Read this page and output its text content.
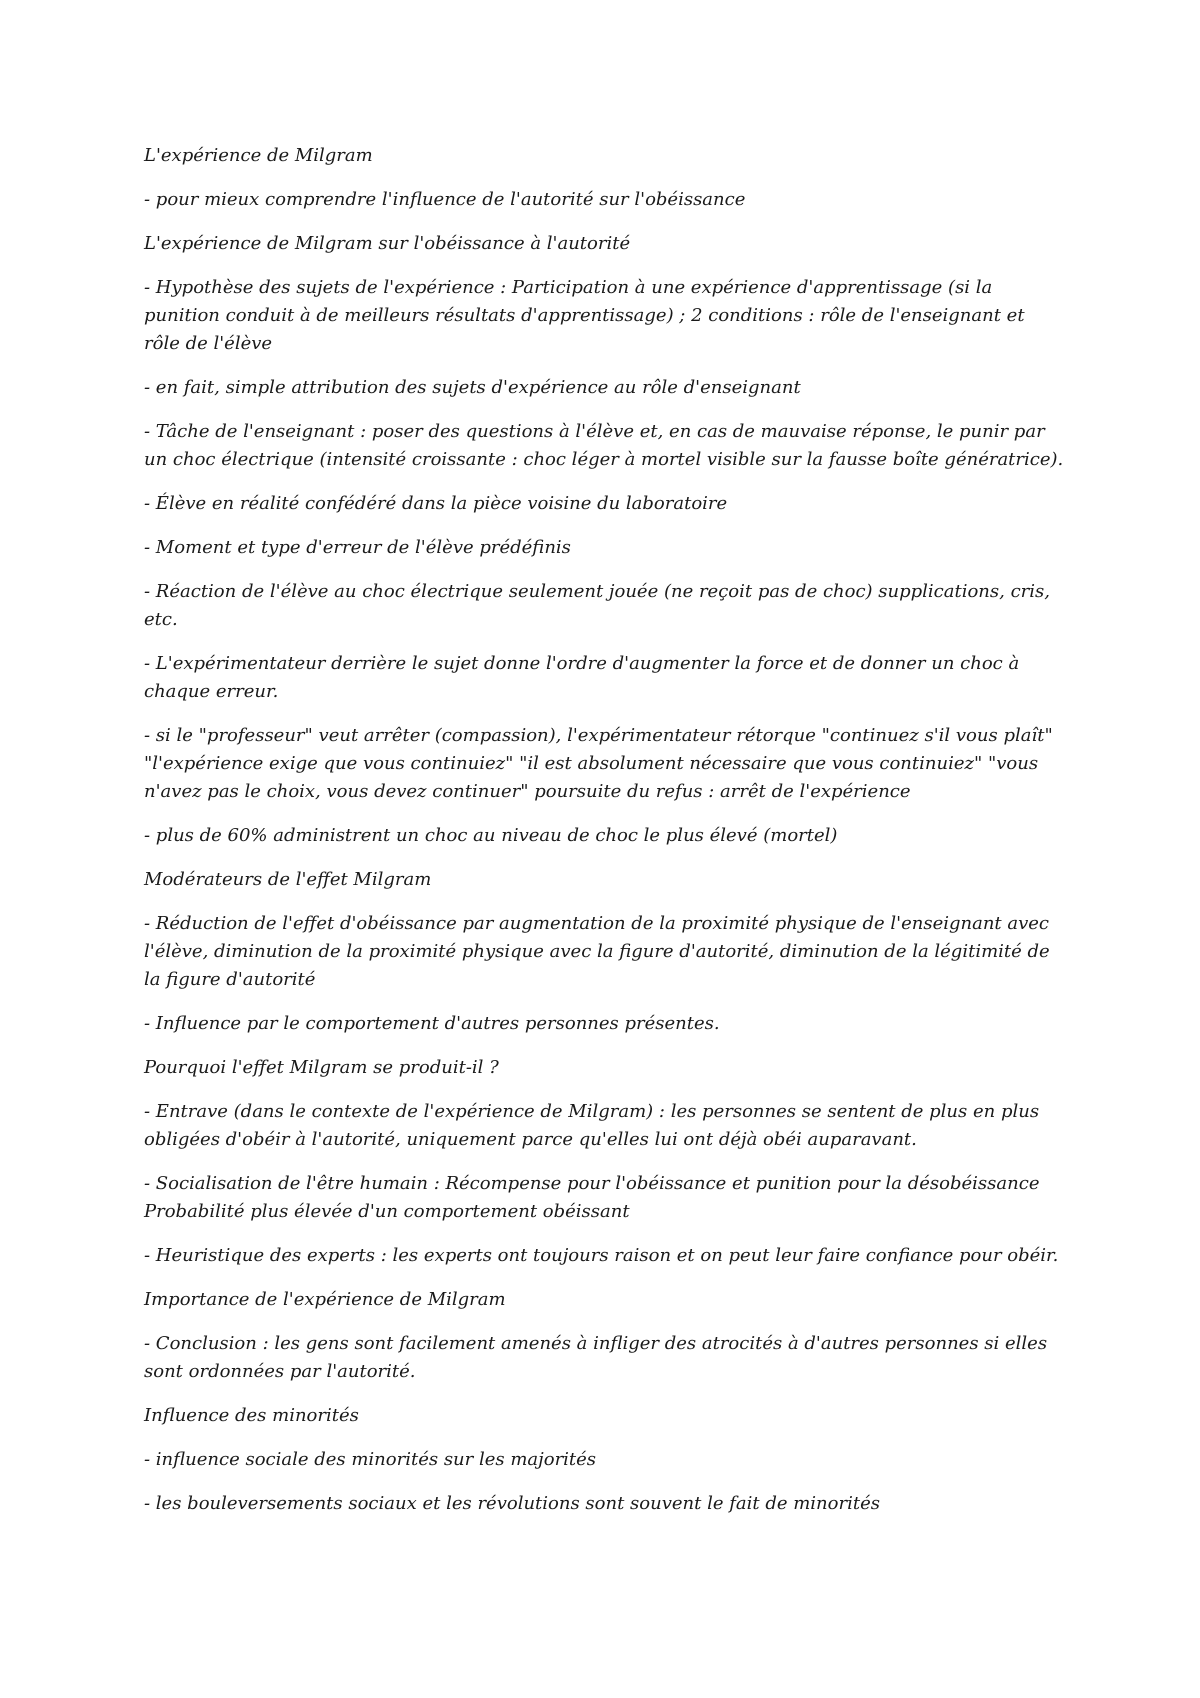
L'expérience de Milgram

- pour mieux comprendre l'influence de l'autorité sur l'obéissance

L'expérience de Milgram sur l'obéissance à l'autorité

- Hypothèse des sujets de l'expérience : Participation à une expérience d'apprentissage (si la punition conduit à de meilleurs résultats d'apprentissage) ; 2 conditions : rôle de l'enseignant et rôle de l'élève

- en fait, simple attribution des sujets d'expérience au rôle d'enseignant

- Tâche de l'enseignant : poser des questions à l'élève et, en cas de mauvaise réponse, le punir par un choc électrique (intensité croissante : choc léger à mortel visible sur la fausse boîte génératrice).

- Élève en réalité confédéré dans la pièce voisine du laboratoire

- Moment et type d'erreur de l'élève prédéfinis

- Réaction de l'élève au choc électrique seulement jouée (ne reçoit pas de choc) supplications, cris, etc.

- L'expérimentateur derrière le sujet donne l'ordre d'augmenter la force et de donner un choc à chaque erreur.

- si le "professeur" veut arrêter (compassion), l'expérimentateur rétorque "continuez s'il vous plaît" "l'expérience exige que vous continuiez" "il est absolument nécessaire que vous continuiez" "vous n'avez pas le choix, vous devez continuer" poursuite du refus : arrêt de l'expérience

- plus de 60% administrent un choc au niveau de choc le plus élevé (mortel)

Modérateurs de l'effet Milgram

- Réduction de l'effet d'obéissance par augmentation de la proximité physique de l'enseignant avec l'élève, diminution de la proximité physique avec la figure d'autorité, diminution de la légitimité de la figure d'autorité

- Influence par le comportement d'autres personnes présentes.

Pourquoi l'effet Milgram se produit-il ?

- Entrave (dans le contexte de l'expérience de Milgram) : les personnes se sentent de plus en plus obligées d'obéir à l'autorité, uniquement parce qu'elles lui ont déjà obéi auparavant.

- Socialisation de l'être humain : Récompense pour l'obéissance et punition pour la désobéissance Probabilité plus élevée d'un comportement obéissant

- Heuristique des experts : les experts ont toujours raison et on peut leur faire confiance pour obéir.

Importance de l'expérience de Milgram

- Conclusion : les gens sont facilement amenés à infliger des atrocités à d'autres personnes si elles sont ordonnées par l'autorité.

Influence des minorités

- influence sociale des minorités sur les majorités

- les bouleversements sociaux et les révolutions sont souvent le fait de minorités
